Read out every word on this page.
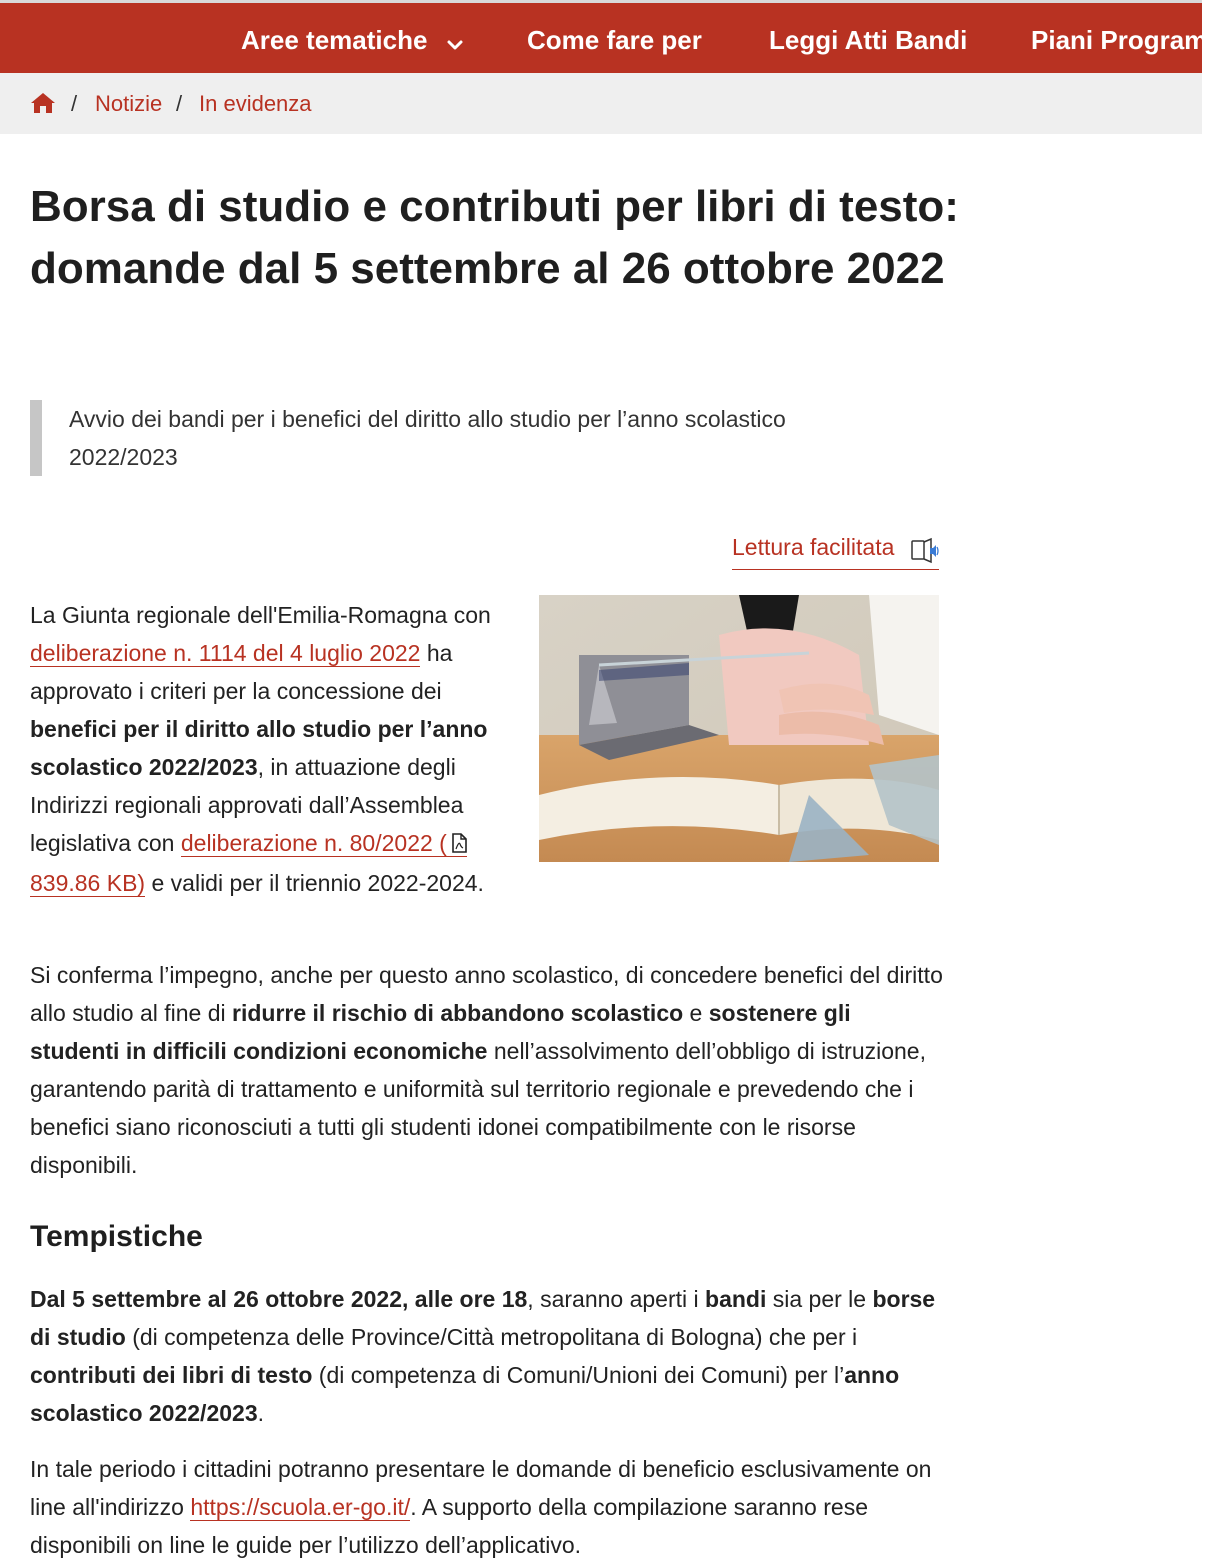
Aree tematiche	Come fare per	Leggi Atti Bandi Piani Programm
/ Notizie / In evidenza
Borsa di studio e contributi per libri di testo: domande dal 5 settembre al 26 ottobre 2022
Avvio dei bandi per i benefici del diritto allo studio per l’anno scolastico 2022/2023
Lettura facilitata

La Giunta regionale dell'Emilia-Romagna con deliberazione n. 1114 del 4 luglio 2022 ha approvato i criteri per la concessione dei benefici per il diritto allo studio per l’anno scolastico 2022/2023, in attuazione degli Indirizzi regionali approvati dall’Assemblea legislativa con deliberazione n. 80/2022 ( 839.86 KB) e validi per il triennio 2022-2024.

Si conferma l’impegno, anche per questo anno scolastico, di concedere benefici del diritto allo studio al fine di ridurre il rischio di abbandono scolastico e sostenere gli studenti in difficili condizioni economiche nell’assolvimento dell’obbligo di istruzione, garantendo parità di trattamento e uniformità sul territorio regionale e prevedendo che i benefici siano riconosciuti a tutti gli studenti idonei compatibilmente con le risorse disponibili.

Tempistiche

Dal 5 settembre al 26 ottobre 2022, alle ore 18, saranno aperti i bandi sia per le borse di studio (di competenza delle Province/Città metropolitana di Bologna) che per i contributi dei libri di testo (di competenza di Comuni/Unioni dei Comuni) per l’anno scolastico 2022/2023.

In tale periodo i cittadini potranno presentare le domande di beneficio esclusivamente on line all'indirizzo https://scuola.er-go.it/. A supporto della compilazione saranno rese disponibili on line le guide per l’utilizzo dell’applicativo.
